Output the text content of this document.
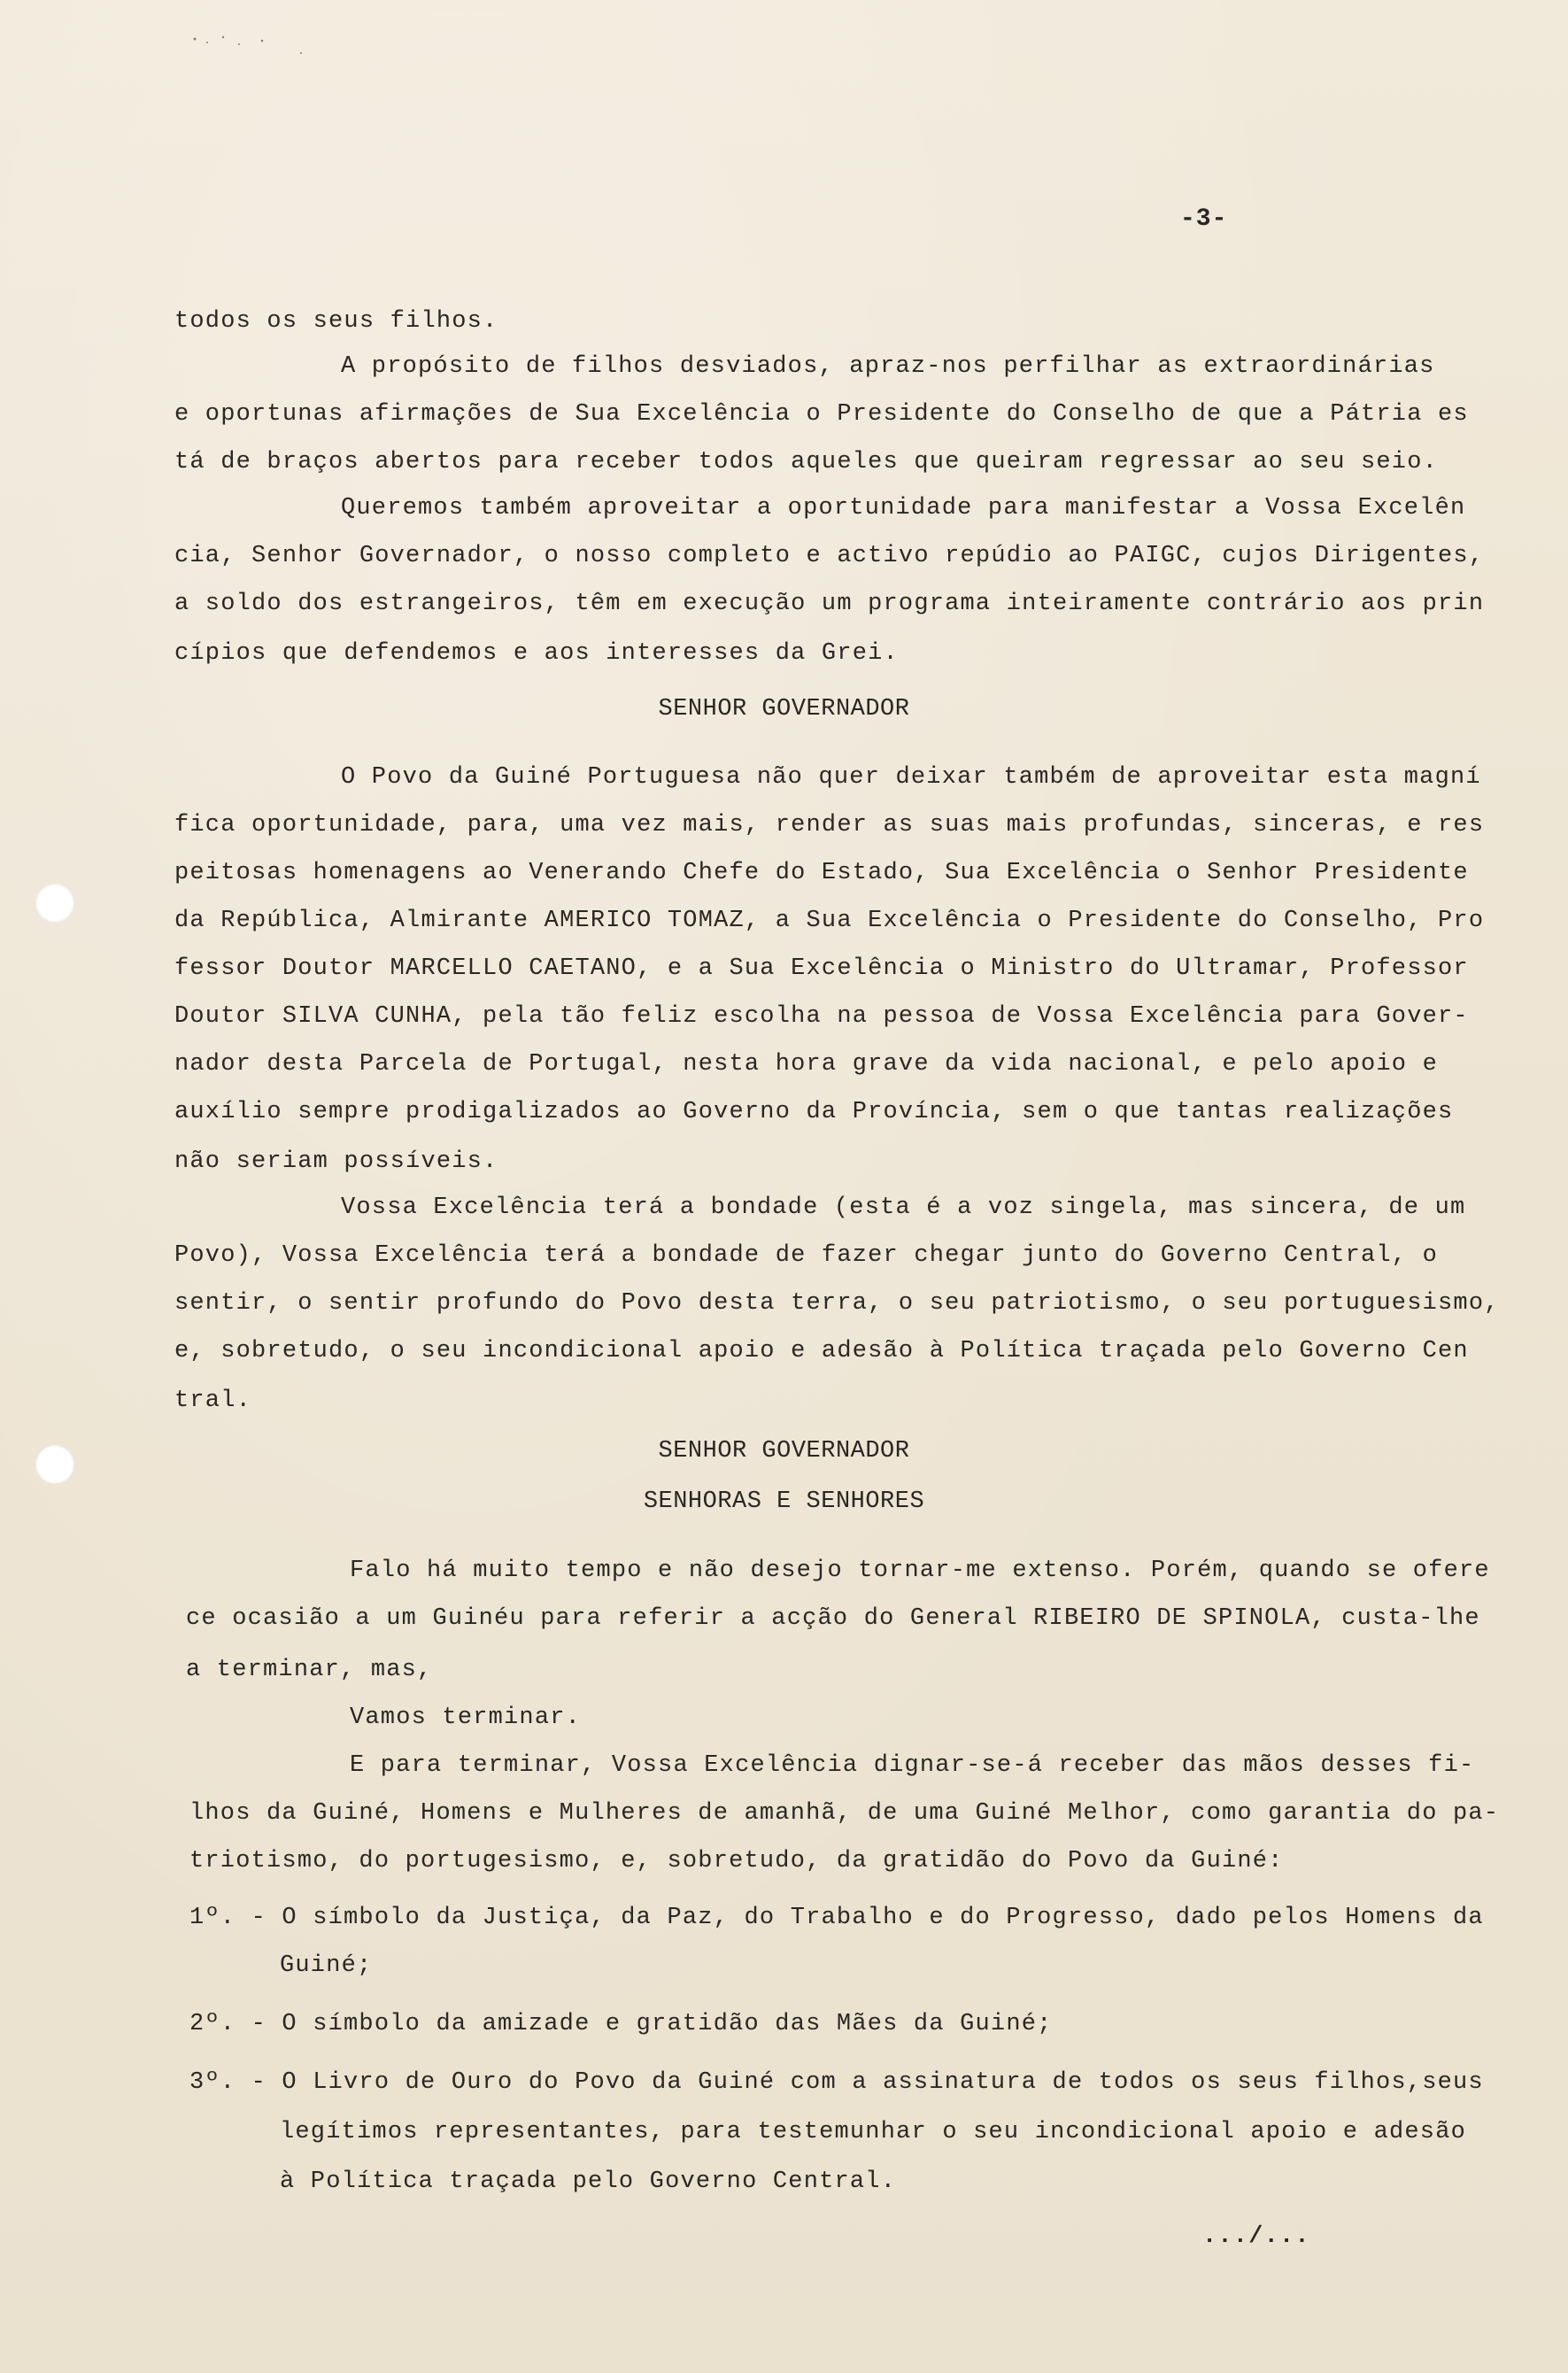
-3-
todos os seus filhos.
A propósito de filhos desviados, apraz-nos perfilhar as extraordinárias
e oportunas afirmações de Sua Excelência o Presidente do Conselho de que a Pátria es
tá de braços abertos para receber todos aqueles que queiram regressar ao seu seio.
Queremos também aproveitar a oportunidade para manifestar a Vossa Excelên
cia, Senhor Governador, o nosso completo e activo repúdio ao PAIGC, cujos Dirigentes,
a soldo dos estrangeiros, têm em execução um programa inteiramente contrário aos prin
cípios que defendemos e aos interesses da Grei.
SENHOR GOVERNADOR
O Povo da Guiné Portuguesa não quer deixar também de aproveitar esta magní
fica oportunidade, para, uma vez mais, render as suas mais profundas, sinceras, e res
peitosas homenagens ao Venerando Chefe do Estado, Sua Excelência o Senhor Presidente
da República, Almirante AMERICO TOMAZ, a Sua Excelência o Presidente do Conselho, Pro
fessor Doutor MARCELLO CAETANO, e a Sua Excelência o Ministro do Ultramar, Professor
Doutor SILVA CUNHA, pela tão feliz escolha na pessoa de Vossa Excelência para Gover-
nador desta Parcela de Portugal, nesta hora grave da vida nacional, e pelo apoio e
auxílio sempre prodigalizados ao Governo da Província, sem o que tantas realizações
não seriam possíveis.
Vossa Excelência terá a bondade (esta é a voz singela, mas sincera, de um
Povo), Vossa Excelência terá a bondade de fazer chegar junto do Governo Central, o
sentir, o sentir profundo do Povo desta terra, o seu patriotismo, o seu portuguesismo,
e, sobretudo, o seu incondicional apoio e adesão à Política traçada pelo Governo Cen
tral.
SENHOR GOVERNADOR
SENHORAS E SENHORES
Falo há muito tempo e não desejo tornar-me extenso. Porém, quando se ofere
ce ocasião a um Guinéu para referir a acção do General RIBEIRO DE SPINOLA, custa-lhe
a terminar, mas,
Vamos terminar.
E para terminar, Vossa Excelência dignar-se-á receber das mãos desses fi-
lhos da Guiné, Homens e Mulheres de amanhã, de uma Guiné Melhor, como garantia do pa-
triotismo, do portugesismo, e, sobretudo, da gratidão do Povo da Guiné:
1º. - O símbolo da Justiça, da Paz, do Trabalho e do Progresso, dado pelos Homens da
Guiné;
2º. - O símbolo da amizade e gratidão das Mães da Guiné;
3º. - O Livro de Ouro do Povo da Guiné com a assinatura de todos os seus filhos,seus
legítimos representantes, para testemunhar o seu incondicional apoio e adesão
à Política traçada pelo Governo Central.
.../...
